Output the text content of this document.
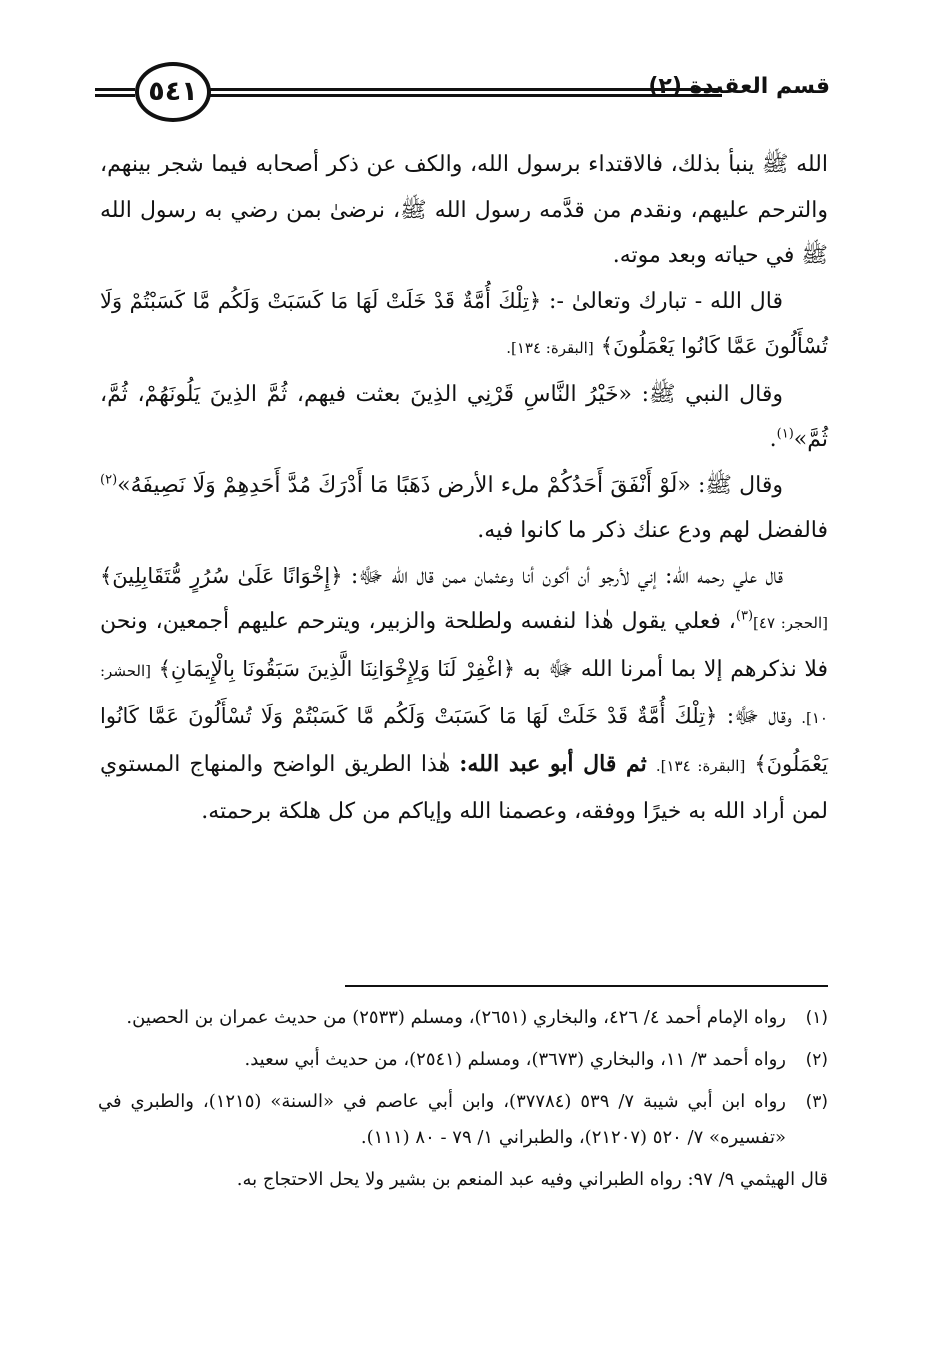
٥٤١	قسم العقيدة (٢)

الله ﷺ ينبأ بذلك، فالاقتداء برسول الله، والكف عن ذكر أصحابه فيما شجر بينهم، والترحم عليهم، ونقدم من قدَّمه رسول الله ﷺ، نرضىٰ بمن رضي به رسول الله ﷺ في حياته وبعد موته.

قال الله - تبارك وتعالىٰ -: ﴿تِلْكَ أُمَّةٌ قَدْ خَلَتْ لَهَا مَا كَسَبَتْ وَلَكُم مَّا كَسَبْتُمْ وَلَا تُسْأَلُونَ عَمَّا كَانُوا يَعْمَلُونَ﴾ [البقرة: ١٣٤].

وقال النبي ﷺ: «خَيْرُ النَّاسِ قَرْنِي الذِينَ بعثت فيهم، ثُمَّ الذِينَ يَلُونَهُمْ، ثُمَّ، ثُمَّ»$^{(١)}$.

وقال ﷺ: «لَوْ أَنْفَقَ أَحَدُكُمْ ملء الأرض ذَهَبًا مَا أَدْرَكَ مُدَّ أَحَدِهِمْ وَلَا نَصِيفَهُ»$^{(٢)}$ فالفضل لهم ودع عنك ذكر ما كانوا فيه.

قال علي رحمه الله: إني لأرجو أن أكون أنا وعثمان ممن قال الله ﷻ: ﴿إِخْوَانًا عَلَىٰ سُرُرٍ مُّتَقَابِلِينَ﴾ [الحجر: ٤٧]$^{(٣)}$، فعلي يقول هٰذا لنفسه ولطلحة والزبير، ويترحم عليهم أجمعين، ونحن فلا نذكرهم إلا بما أمرنا الله ﷻ به ﴿اغْفِرْ لَنَا وَلِإِخْوَانِنَا الَّذِينَ سَبَقُونَا بِالْإِيمَانِ﴾ [الحشر: ١٠]. وقال ﷻ: ﴿تِلْكَ أُمَّةٌ قَدْ خَلَتْ لَهَا مَا كَسَبَتْ وَلَكُم مَّا كَسَبْتُمْ وَلَا تُسْأَلُونَ عَمَّا كَانُوا يَعْمَلُونَ﴾ [البقرة: ١٣٤]. ثم قال أبو عبد الله: هٰذا الطريق الواضح والمنهاج المستوي لمن أراد الله به خيرًا ووفقه، وعصمنا الله وإياكم من كل هلكة برحمته.

(١)
رواه الإمام أحمد ٤/ ٤٢٦، والبخاري (٢٦٥١)، ومسلم (٢٥٣٣) من حديث عمران بن الحصين.
(٢)
رواه أحمد ٣/ ١١، والبخاري (٣٦٧٣)، ومسلم (٢٥٤١)، من حديث أبي سعيد.
(٣)
رواه ابن أبي شيبة ٧/ ٥٣٩ (٣٧٧٨٤)، وابن أبي عاصم في «السنة» (١٢١٥)، والطبري في «تفسيره» ٧/ ٥٢٠ (٢١٢٠٧)، والطبراني ١/ ٧٩ - ٨٠ (١١١).

قال الهيثمي ٩/ ٩٧: رواه الطبراني وفيه عبد المنعم بن بشير ولا يحل الاحتجاج به.
